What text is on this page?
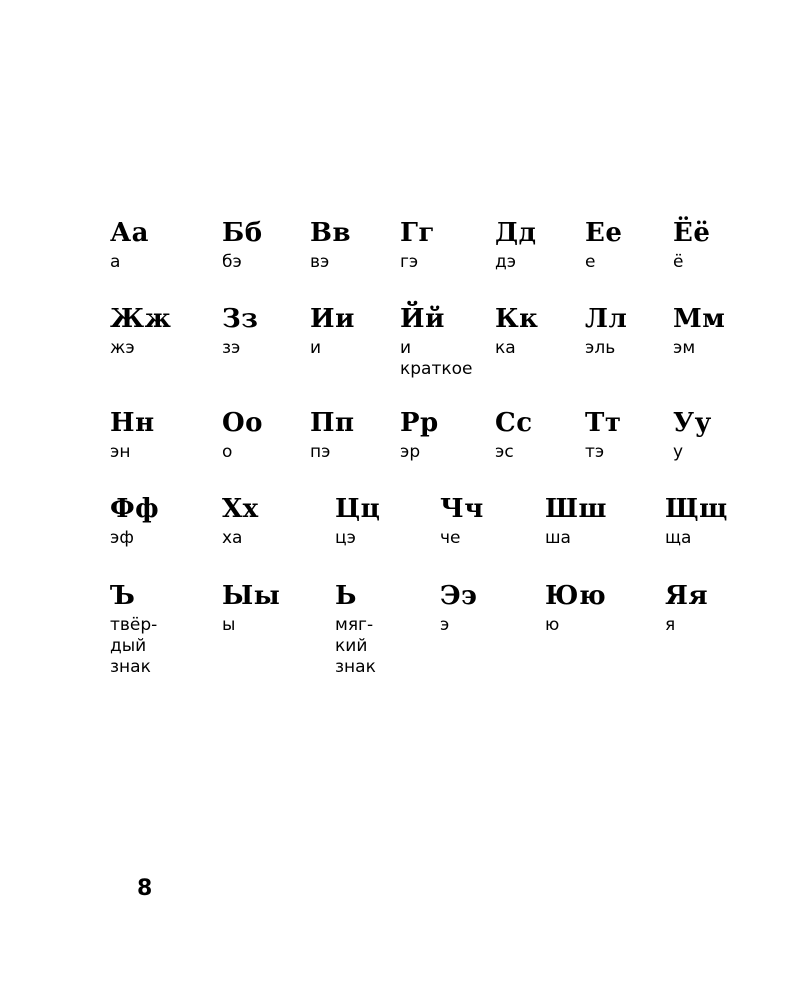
Аа
а
Бб
бэ
Вв
вэ
Гг
гэ
Дд
дэ
Ее
е
Ёё
ё
Жж
жэ
Зз
зэ
Ии
и
Йй
и
краткое
Кк
ка
Лл
эль
Мм
эм
Нн
эн
Оо
о
Пп
пэ
Рр
эр
Сс
эс
Тт
тэ
Уу
у
Фф
эф
Хх
ха
Цц
цэ
Чч
че
Шш
ша
Щщ
ща
Ъ
твёр-
дый
знак
Ыы
ы
Ь
мяг-
кий
знак
Ээ
э
Юю
ю
Яя
я
8
